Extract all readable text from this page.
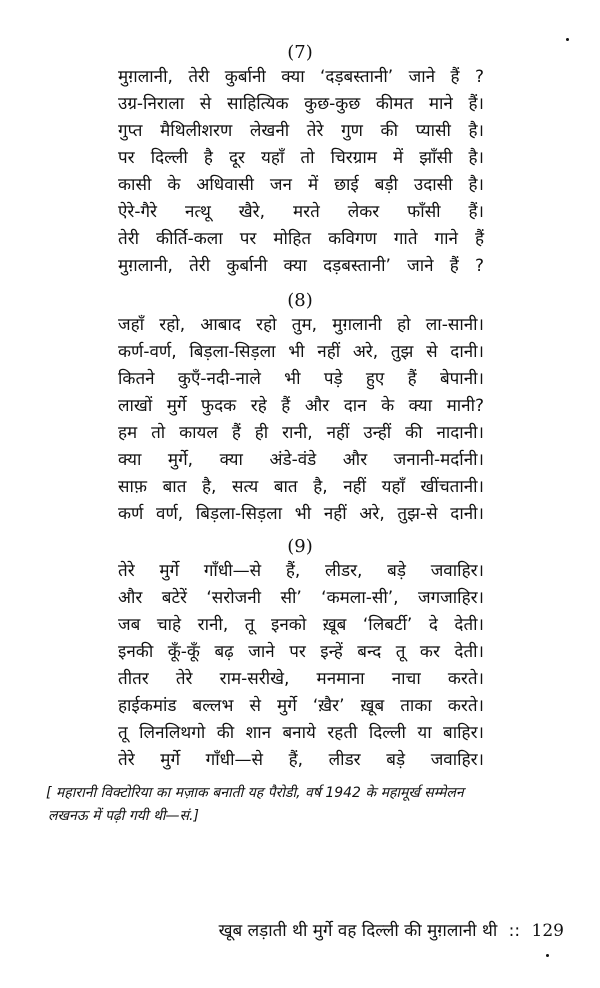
(7)
मुग़लानी, तेरी कुर्बानी क्या ‘दड़बस्तानी’ जाने हैं ?
उग्र-निराला से साहित्यिक कुछ-कुछ कीमत माने हैं।
गुप्त मैथिलीशरण लेखनी तेरे गुण की प्यासी है।
पर दिल्ली है दूर यहाँ तो चिरग्राम में झाँसी है।
कासी के अधिवासी जन में छाई बड़ी उदासी है।
ऐरे-गैरे नत्थू खैरे, मरते लेकर फाँसी हैं।
तेरी कीर्ति-कला पर मोहित कविगण गाते गाने हैं
मुग़लानी, तेरी कुर्बानी क्या दड़बस्तानी’ जाने हैं ?
(8)
जहाँ रहो, आबाद रहो तुम, मुग़लानी हो ला-सानी।
कर्ण-वर्ण, बिड़ला-सिड़ला भी नहीं अरे, तुझ से दानी।
कितने कुएँ-नदी-नाले भी पड़े हुए हैं बेपानी।
लाखों मुर्गे फुदक रहे हैं और दान के क्या मानी?
हम तो कायल हैं ही रानी, नहीं उन्हीं की नादानी।
क्या मुर्गे, क्या अंडे-वंडे और जनानी-मर्दानी।
साफ़ बात है, सत्य बात है, नहीं यहाँ खींचतानी।
कर्ण वर्ण, बिड़ला-सिड़ला भी नहीं अरे, तुझ-से दानी।
(9)
तेरे मुर्गे गाँधी—से हैं, लीडर, बड़े जवाहिर।
और बटेरें ‘सरोजनी सी’ ‘कमला-सी’, जगजाहिर।
जब चाहे रानी, तू इनको ख़ूब ‘लिबर्टी’ दे देती।
इनकी कूँ-कूँ बढ़ जाने पर इन्हें बन्द तू कर देती।
तीतर तेरे राम-सरीखे, मनमाना नाचा करते।
हाईकमांड बल्लभ से मुर्गे ‘ख़ैर’ ख़ूब ताका करते।
तू लिनलिथगो की शान बनाये रहती दिल्ली या बाहिर।
तेरे मुर्गे गाँधी—से हैं, लीडर बड़े जवाहिर।
[ महारानी विक्टोरिया का मज़ाक बनाती यह पैरोडी, वर्ष 1942 के महामूर्ख सम्मेलन
लखनऊ में पढ़ी गयी थी—सं.]
खूब लड़ाती थी मुर्गे वह दिल्ली की मुग़लानी थी :: 129
